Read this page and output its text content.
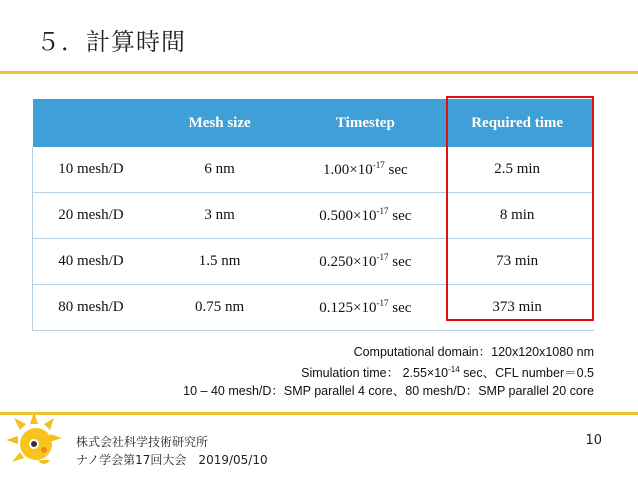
５．計算時間
	Mesh size	Timestep	Required time
10 mesh/D	6 nm	$1.00\times 10^{-17}$ sec	2.5 min
20 mesh/D	3 nm	$0.500\times 10^{-17}$ sec	8 min
40 mesh/D	1.5 nm	$0.250\times 10^{-17}$ sec	73 min
80 mesh/D	0.75 nm	$0.125\times 10^{-17}$ sec	373 min
Computational domain：120x120x1080 nm
Simulation time： $2.55\times 10^{-14}$ sec、CFL number＝0.5
10 – 40 mesh/D：SMP parallel 4 core、80 mesh/D：SMP parallel 20 core
株式会社科学技術研究所
ナノ学会第17回大会　2019/05/10
10
